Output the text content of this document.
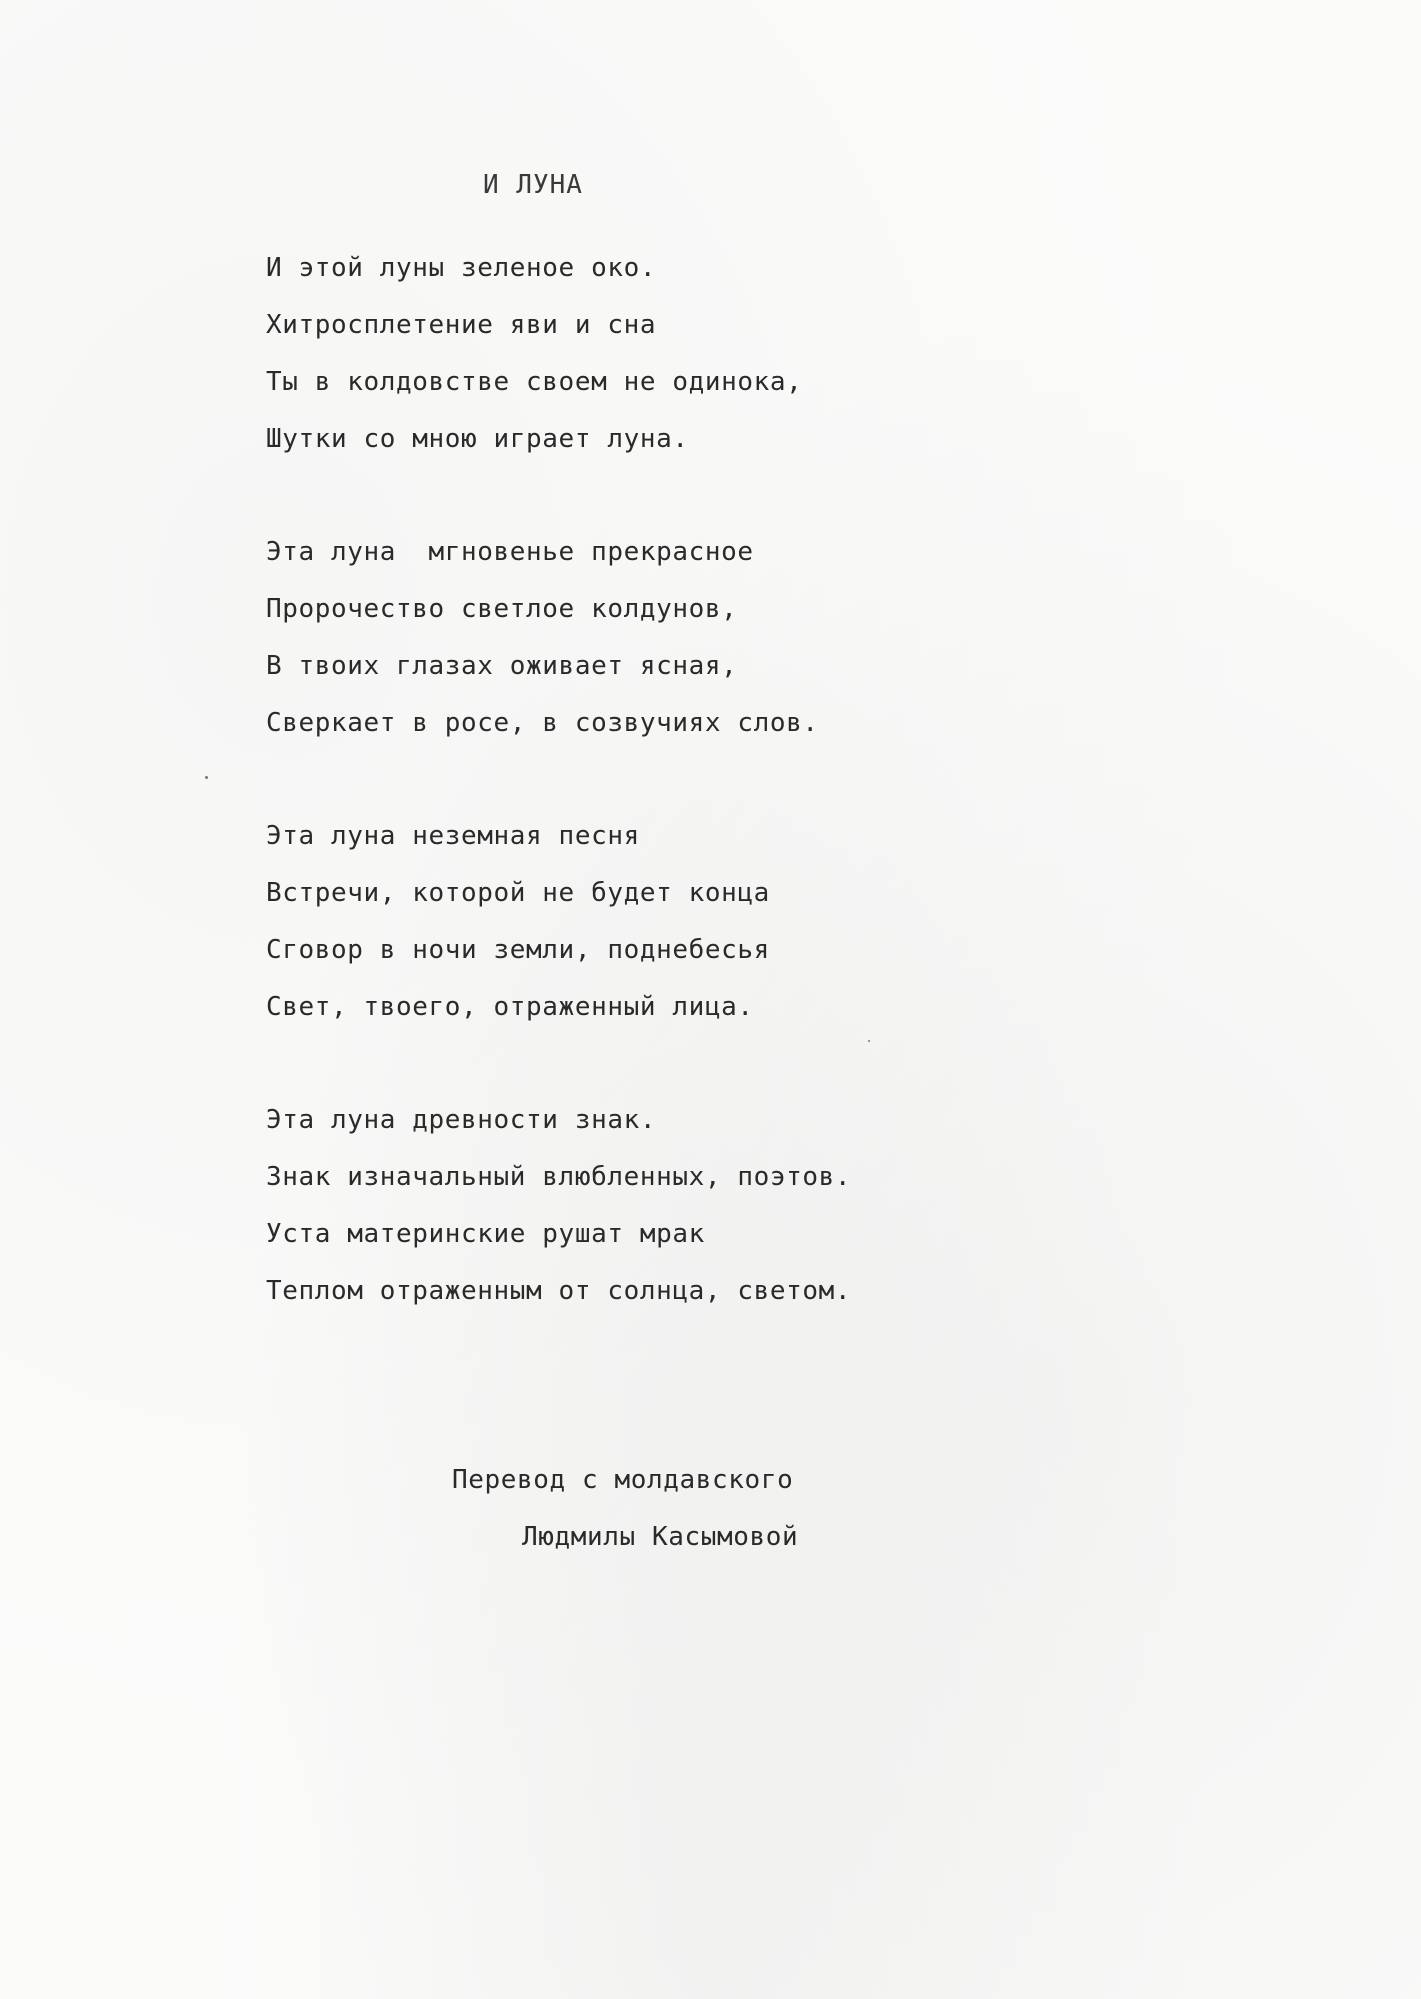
И ЛУНА
И этой луны зеленое око.
Хитросплетение яви и сна
Ты в колдовстве своем не одинока,
Шутки со мною играет луна.
Эта луна  мгновенье прекрасное
Пророчество светлое колдунов,
В твоих глазах оживает ясная,
Сверкает в росе, в созвучиях слов.
Эта луна неземная песня
Встречи, которой не будет конца
Сговор в ночи земли, поднебесья
Свет, твоего, отраженный лица.
Эта луна древности знак.
Знак изначальный влюбленных, поэтов.
Уста материнские рушат мрак
Теплом отраженным от солнца, светом.
Перевод с молдавского
Людмилы Касымовой
